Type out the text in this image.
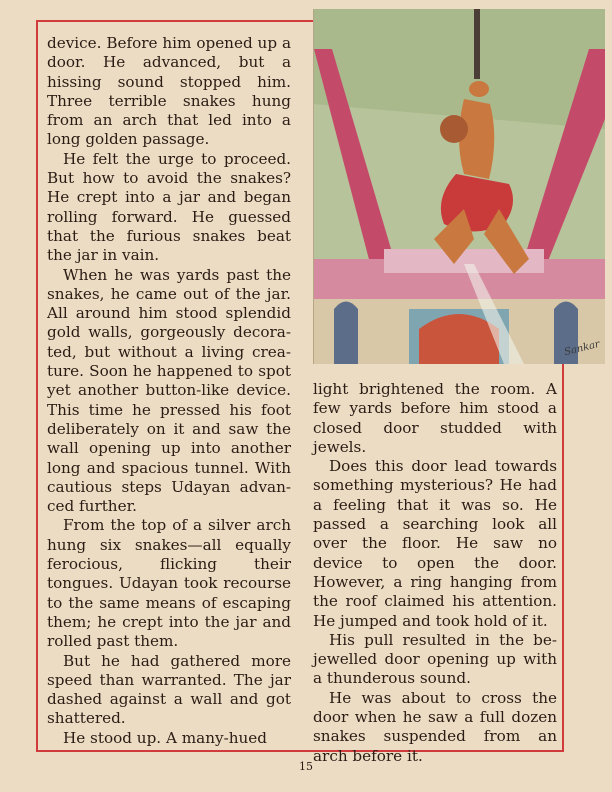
device. Before him opened up a door. He advanced, but a hissing sound stopped him. Three terrible snakes hung from an arch that led into a long golden passage.

He felt the urge to proceed. But how to avoid the snakes? He crept into a jar and began rolling forward. He guessed that the furious snakes beat the jar in vain.

When he was yards past the snakes, he came out of the jar. All around him stood splendid gold walls, gorgeously decorated, but without a living creature. Soon he happened to spot yet another button-like device. This time he pressed his foot deliberately on it and saw the wall opening up into another long and spacious tunnel. With cautious steps Udayan advanced further.

From the top of a silver arch hung six snakes—all equally ferocious, flicking their tongues. Udayan took recourse to the same means of escaping them; he crept into the jar and rolled past them.

But he had gathered more speed than warranted. The jar dashed against a wall and got shattered.

He stood up. A many-hued

Sankar

light brightened the room. A few yards before him stood a closed door studded with jewels.

Does this door lead towards something mysterious? He had a feeling that it was so. He passed a searching look all over the floor. He saw no device to open the door. However, a ring hanging from the roof claimed his attention. He jumped and took hold of it.

His pull resulted in the bejewelled door opening up with a thunderous sound.

He was about to cross the door when he saw a full dozen snakes suspended from an arch before it.

15
